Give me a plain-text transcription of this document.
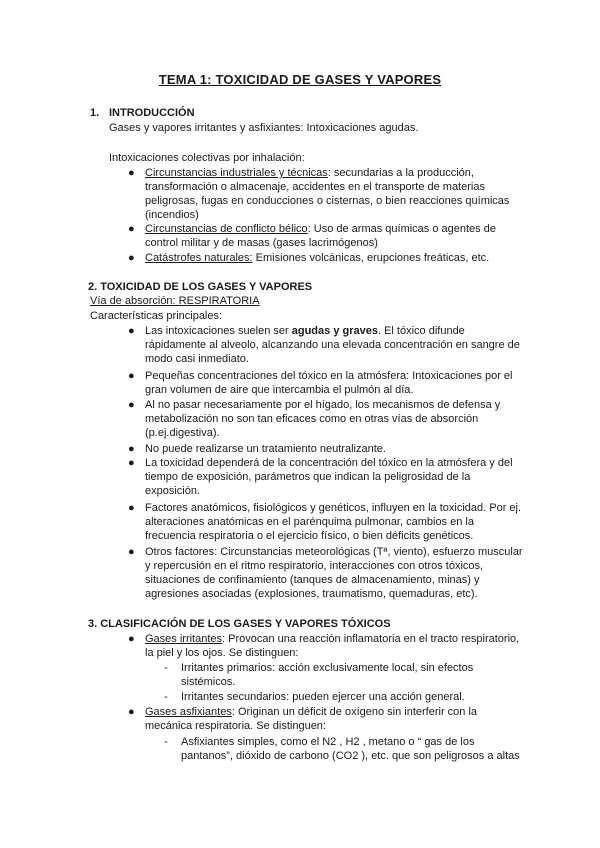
TEMA 1: TOXICIDAD DE GASES Y VAPORES
1. INTRODUCCIÓN
Gases y vapores irritantes y asfixiantes: Intoxicaciones agudas.
Intoxicaciones colectivas por inhalación:
● Circunstancias industriales y técnicas: secundarias a la producción,
transformación o almacenaje, accidentes en el transporte de materias
peligrosas, fugas en conducciones o cisternas, o bien reacciones químicas
(incendios)
● Circunstancias de conflicto bélico: Uso de armas químicas o agentes de
control militar y de masas (gases lacrimógenos)
● Catástrofes naturales: Emisiones volcánicas, erupciones freáticas, etc.
2. TOXICIDAD DE LOS GASES Y VAPORES
Vía de absorción: RESPIRATORIA
Características principales:
● Las intoxicaciones suelen ser agudas y graves. El tóxico difunde
rápidamente al alveolo, alcanzando una elevada concentración en sangre de
modo casi inmediato.
● Pequeñas concentraciones del tóxico en la atmósfera: Intoxicaciones por el
gran volumen de aire que intercambia el pulmón al día.
● Al no pasar necesariamente por el hígado, los mecanismos de defensa y
metabolización no son tan eficaces como en otras vías de absorción
(p.ej.digestiva).
● No puede realizarse un tratamiento neutralizante.
● La toxicidad dependerá de la concentración del tóxico en la atmósfera y del
tiempo de exposición, parámetros que indican la peligrosidad de la
exposición.
● Factores anatómicos, fisiológicos y genéticos, influyen en la toxicidad. Por ej.
alteraciones anatómicas en el parénquima pulmonar, cambios en la
frecuencia respiratoria o el ejercicio físico, o bien déficits genéticos.
● Otros factores: Circunstancias meteorológicas (Tª, viento), esfuerzo muscular
y repercusión en el ritmo respiratorio, interacciones con otros tóxicos,
situaciones de confinamiento (tanques de almacenamiento, minas) y
agresiones asociadas (explosiones, traumatismo, quemaduras, etc).
3. CLASIFICACIÓN DE LOS GASES Y VAPORES TÓXICOS
● Gases irritantes: Provocan una reacción inflamatoria en el tracto respiratorio,
la piel y los ojos. Se distinguen:
- Irritantes primarios: acción exclusivamente local, sin efectos
sistémicos.
- Irritantes secundarios: pueden ejercer una acción general.
● Gases asfixiantes: Originan un déficit de oxígeno sin interferir con la
mecánica respiratoria. Se distinguen:
- Asfixiantes simples, como el N2 , H2 , metano o “ gas de los
pantanos”, dióxido de carbono (CO2 ), etc. que son peligrosos a altas
